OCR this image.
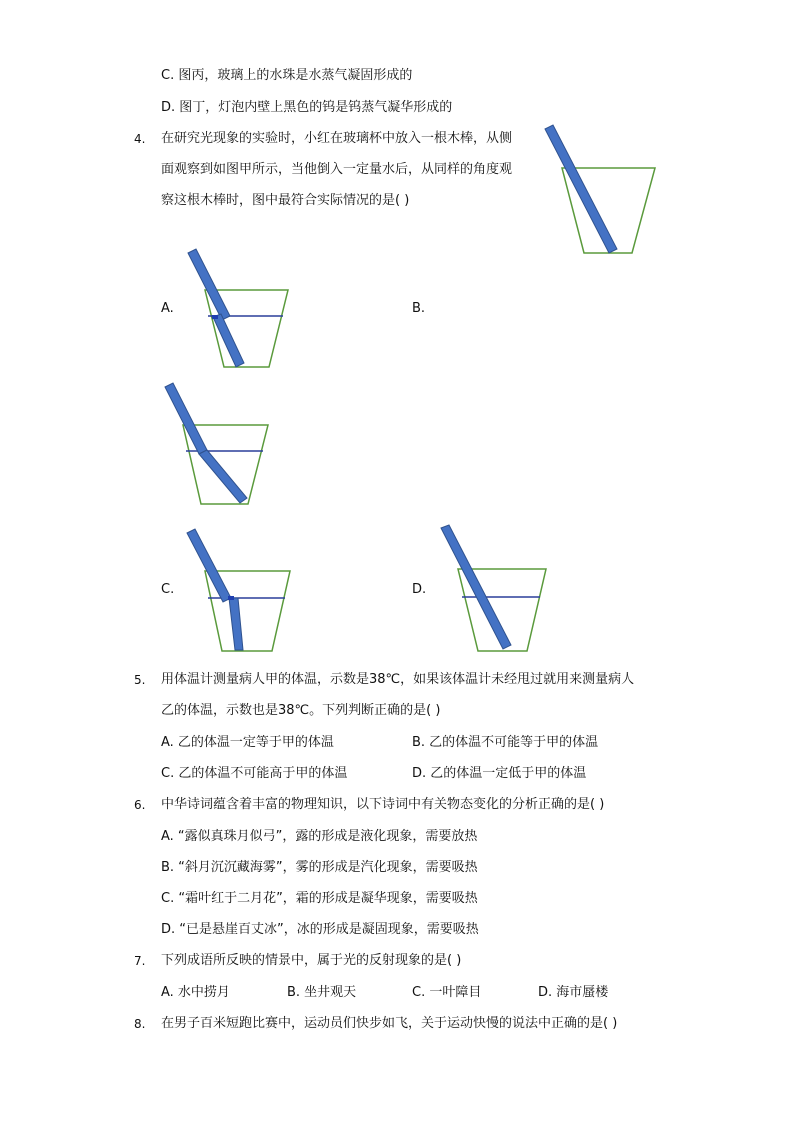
C. 图丙，玻璃上的水珠是水蒸气凝固形成的
D. 图丁，灯泡内壁上黑色的钨是钨蒸气凝华形成的
4. 在研究光现象的实验时，小红在玻璃杯中放入一根木棒，从侧
面观察到如图甲所示，当他倒入一定量水后，从同样的角度观
察这根木棒时，图中最符合实际情况的是( )
A.	B.
C.	D.
5. 用体温计测量病人甲的体温，示数是38℃，如果该体温计未经甩过就用来测量病人
乙的体温，示数也是38℃。下列判断正确的是( )
A. 乙的体温一定等于甲的体温	B. 乙的体温不可能等于甲的体温
C. 乙的体温不可能高于甲的体温	D. 乙的体温一定低于甲的体温
6. 中华诗词蕴含着丰富的物理知识，以下诗词中有关物态变化的分析正确的是( )
A. “露似真珠月似弓”，露的形成是液化现象，需要放热
B. “斜月沉沉藏海雾”，雾的形成是汽化现象，需要吸热
C. “霜叶红于二月花”，霜的形成是凝华现象，需要吸热
D. “已是悬崖百丈冰”，冰的形成是凝固现象，需要吸热
7. 下列成语所反映的情景中，属于光的反射现象的是( )
A. 水中捞月	B. 坐井观天	C. 一叶障目	D. 海市蜃楼
8. 在男子百米短跑比赛中，运动员们快步如飞，关于运动快慢的说法中正确的是( )
